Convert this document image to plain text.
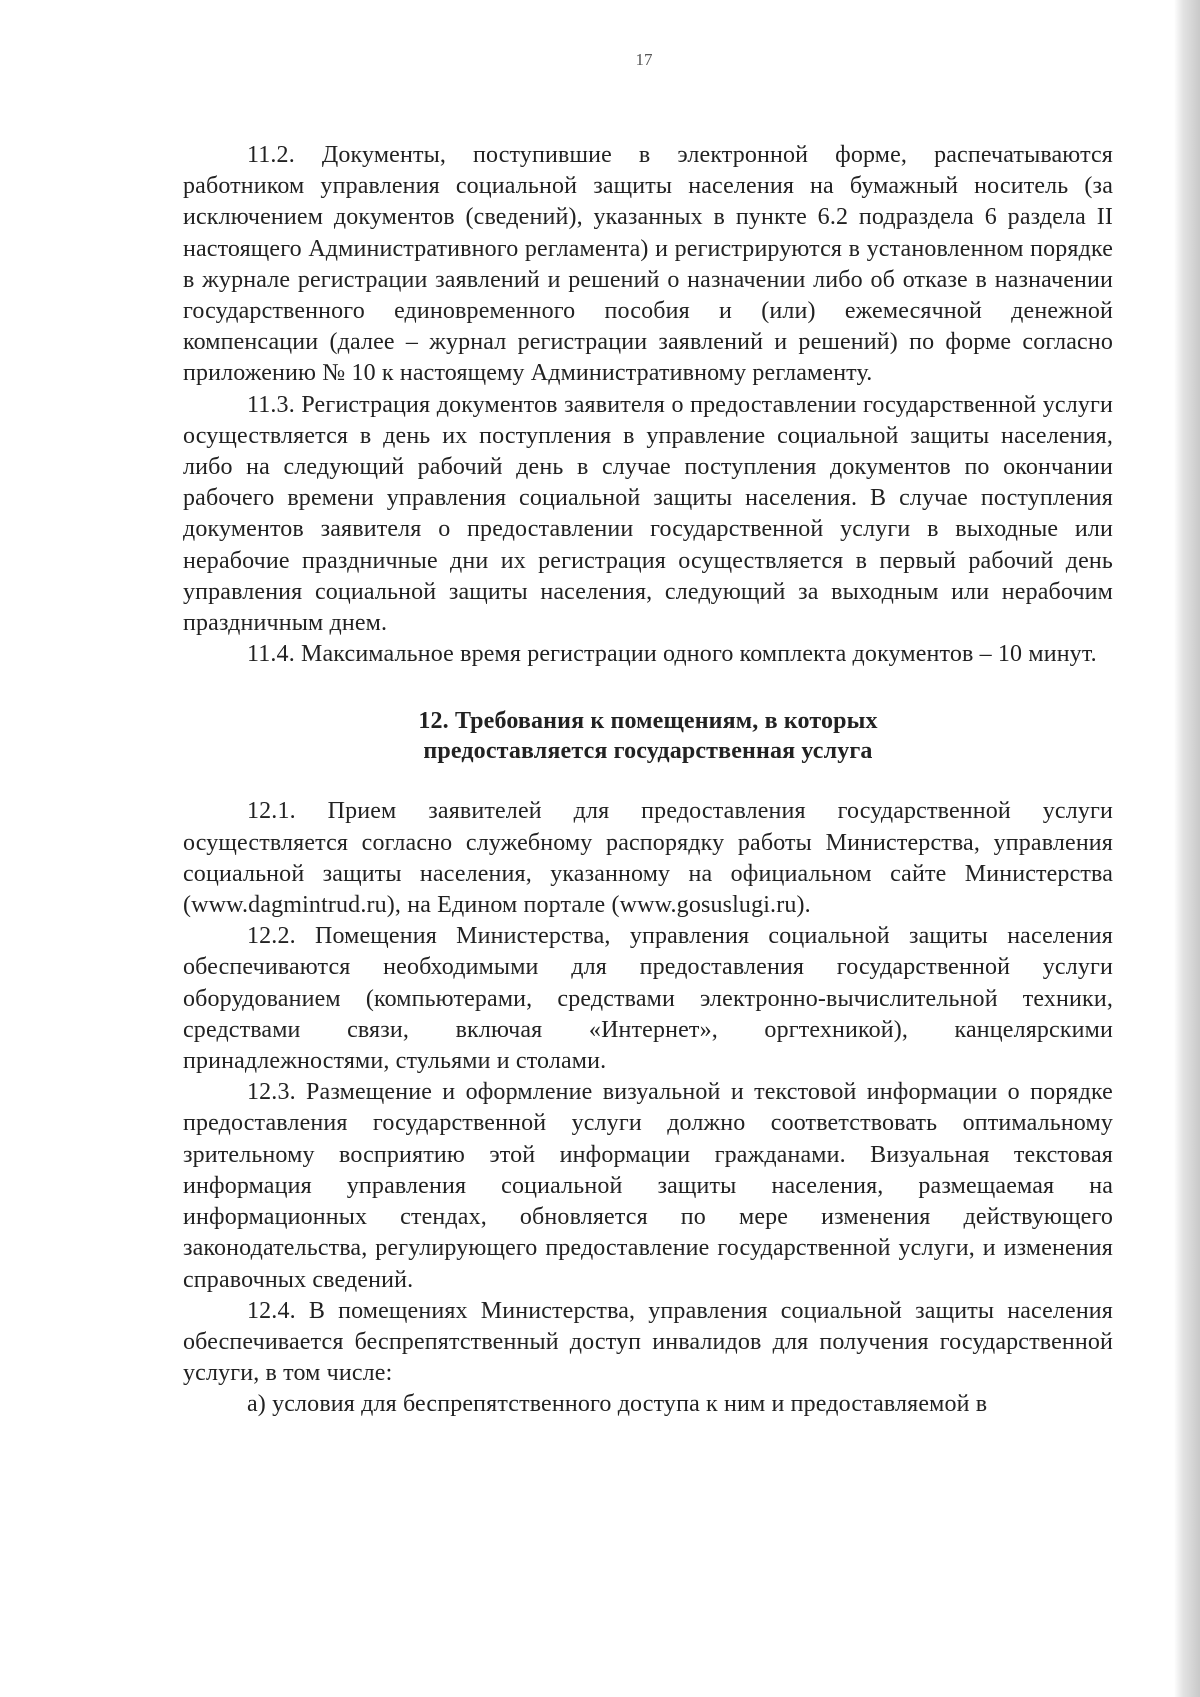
17

11.2. Документы, поступившие в электронной форме, распечатываются работником управления социальной защиты населения на бумажный носитель (за исключением документов (сведений), указанных в пункте 6.2 подраздела 6 раздела II настоящего Административного регламента) и регистрируются в установленном порядке в журнале регистрации заявлений и решений о назначении либо об отказе в назначении государственного единовременного пособия и (или) ежемесячной денежной компенсации (далее – журнал регистрации заявлений и решений) по форме согласно приложению № 10 к настоящему Административному регламенту.

11.3. Регистрация документов заявителя о предоставлении государственной услуги осуществляется в день их поступления в управление социальной защиты населения, либо на следующий рабочий день в случае поступления документов по окончании рабочего времени управления социальной защиты населения. В случае поступления документов заявителя о предоставлении государственной услуги в выходные или нерабочие праздничные дни их регистрация осуществляется в первый рабочий день управления социальной защиты населения, следующий за выходным или нерабочим праздничным днем.

11.4. Максимальное время регистрации одного комплекта документов – 10 минут.

12. Требования к помещениям, в которых
предоставляется государственная услуга

12.1. Прием заявителей для предоставления государственной услуги осуществляется согласно служебному распорядку работы Министерства, управления социальной защиты населения, указанному на официальном сайте Министерства (www.dagmintrud.ru), на Едином портале (www.gosuslugi.ru).

12.2. Помещения Министерства, управления социальной защиты населения обеспечиваются необходимыми для предоставления государственной услуги оборудованием (компьютерами, средствами электронно-вычислительной техники, средствами связи, включая «Интернет», оргтехникой), канцелярскими принадлежностями, стульями и столами.

12.3. Размещение и оформление визуальной и текстовой информации о порядке предоставления государственной услуги должно соответствовать оптимальному зрительному восприятию этой информации гражданами. Визуальная текстовая информация управления социальной защиты населения, размещаемая на информационных стендах, обновляется по мере изменения действующего законодательства, регулирующего предоставление государственной услуги, и изменения справочных сведений.

12.4. В помещениях Министерства, управления социальной защиты населения обеспечивается беспрепятственный доступ инвалидов для получения государственной услуги, в том числе:

а) условия для беспрепятственного доступа к ним и предоставляемой в
